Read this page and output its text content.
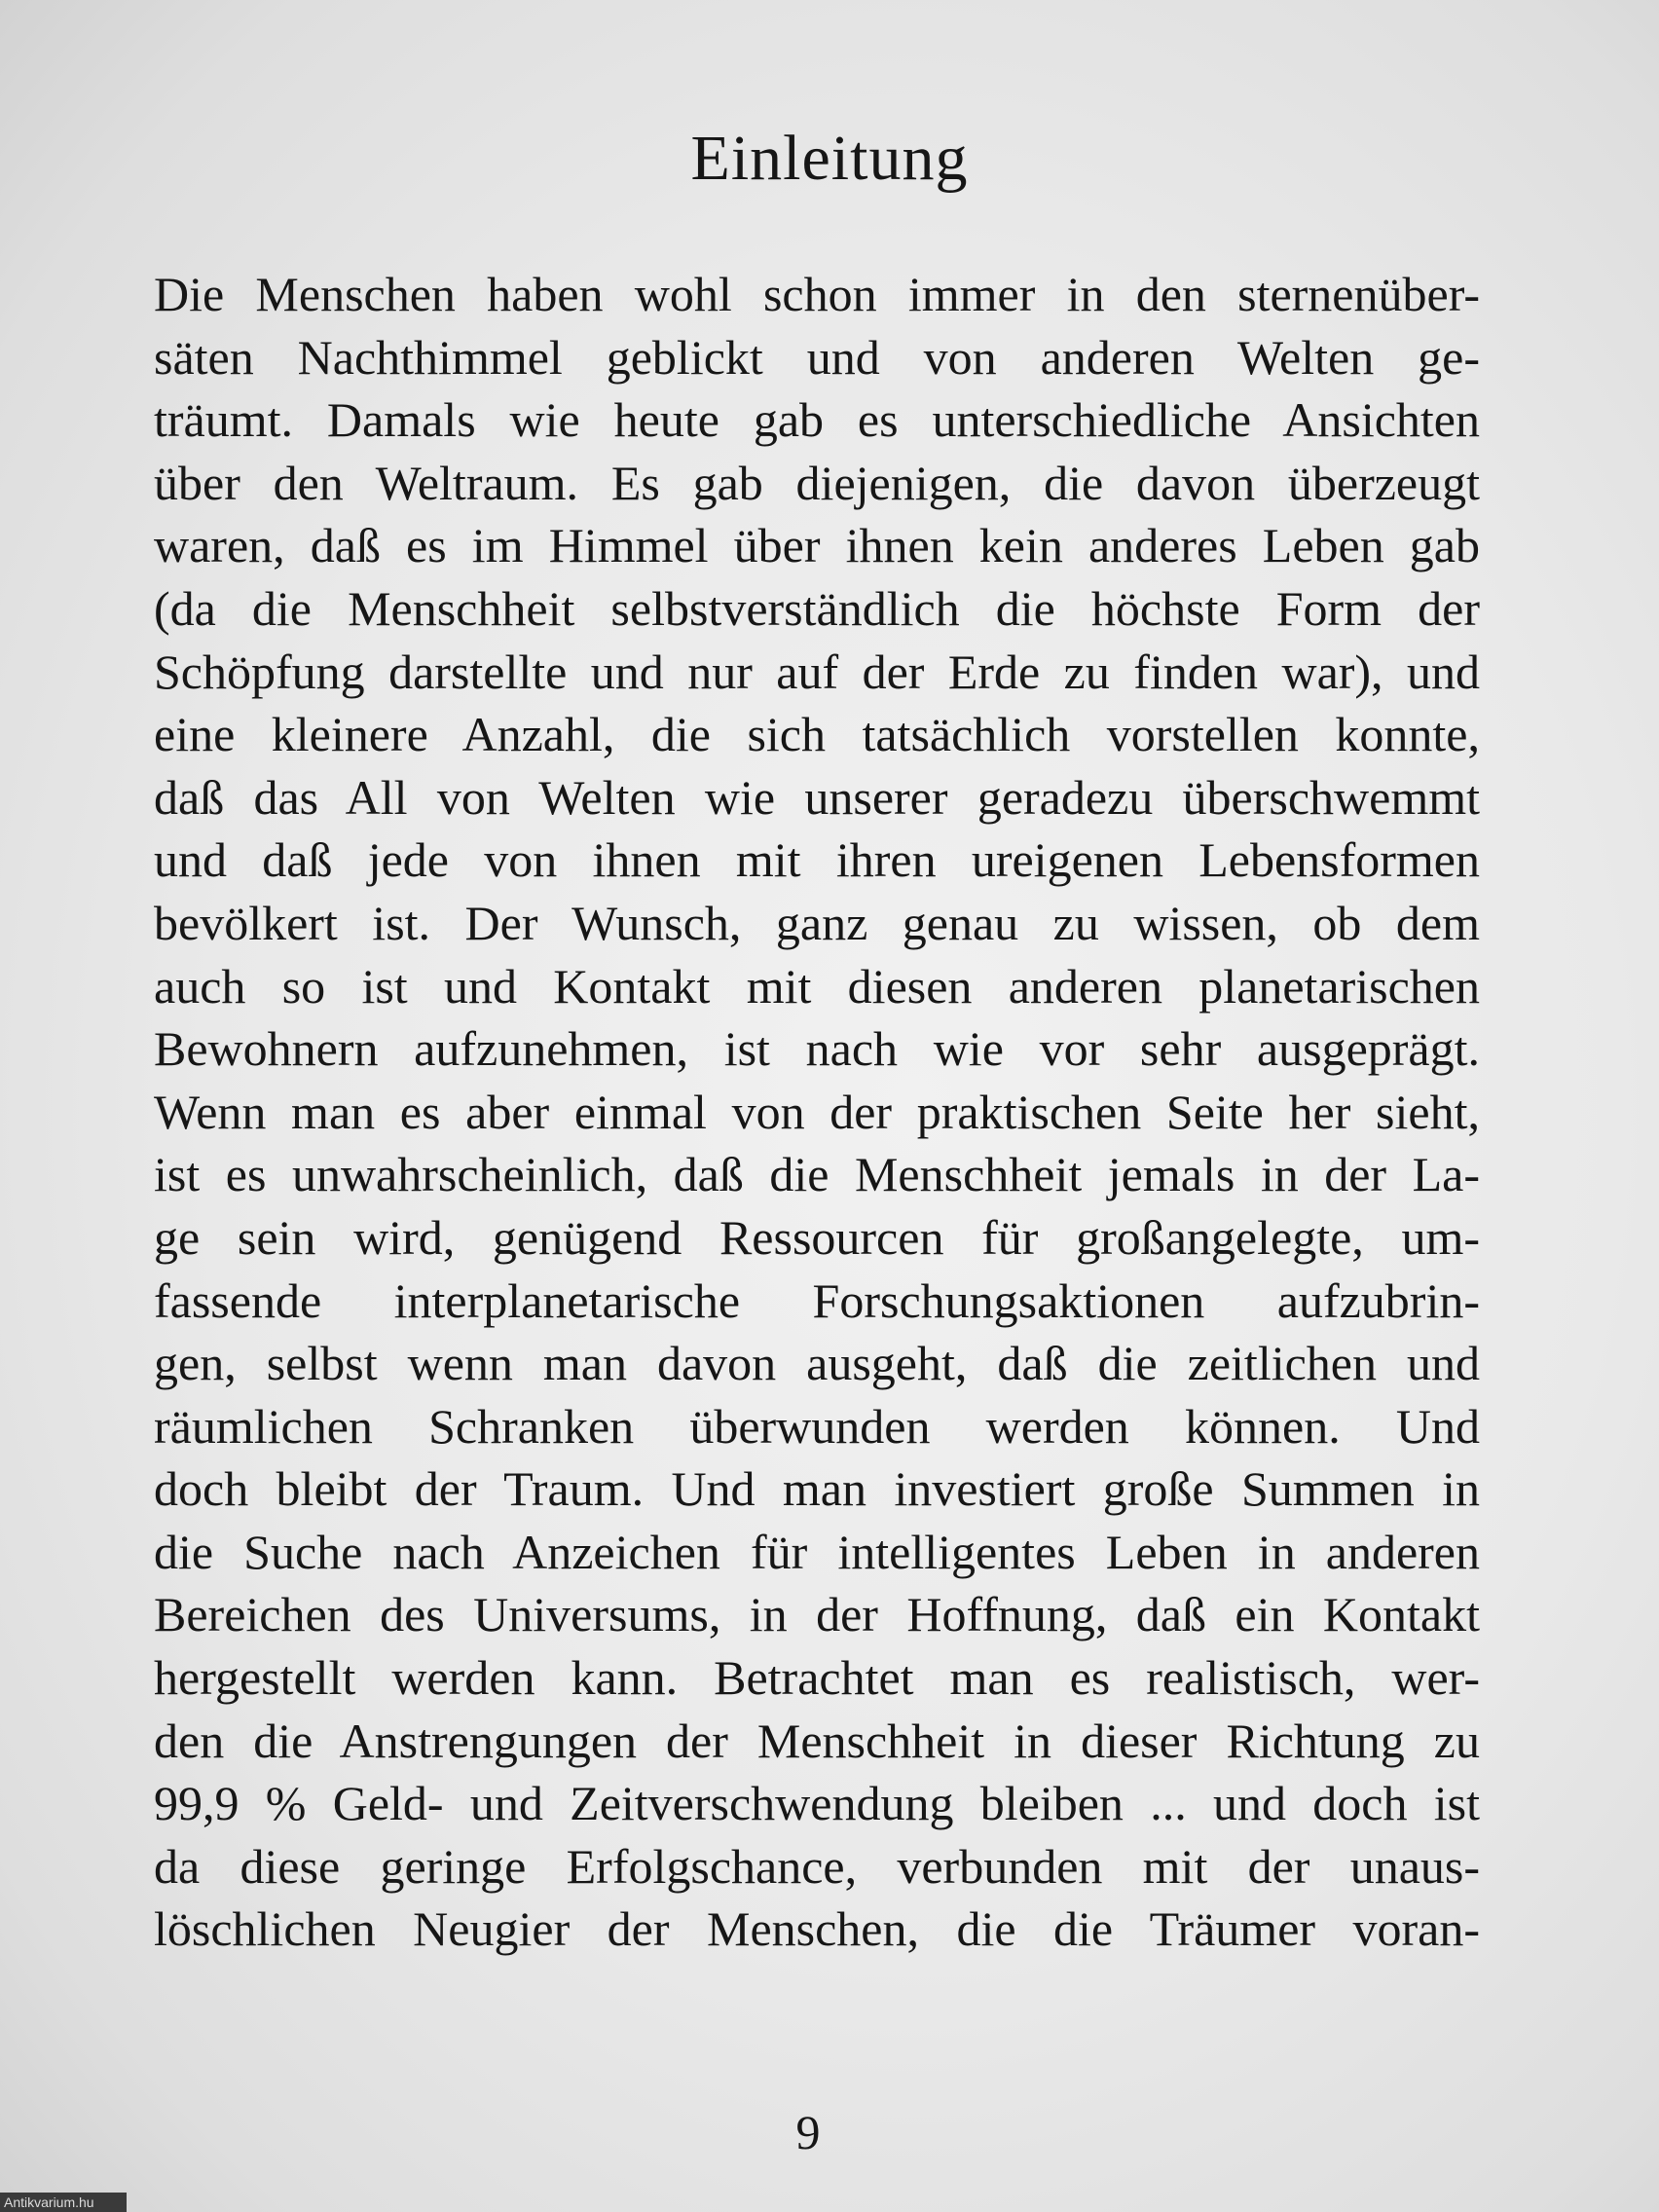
Einleitung
Die Menschen haben wohl schon immer in den sternenüber-
säten Nachthimmel geblickt und von anderen Welten ge-
träumt. Damals wie heute gab es unterschiedliche Ansichten
über den Weltraum. Es gab diejenigen, die davon überzeugt
waren, daß es im Himmel über ihnen kein anderes Leben gab
(da die Menschheit selbstverständlich die höchste Form der
Schöpfung darstellte und nur auf der Erde zu finden war), und
eine kleinere Anzahl, die sich tatsächlich vorstellen konnte,
daß das All von Welten wie unserer geradezu überschwemmt
und daß jede von ihnen mit ihren ureigenen Lebensformen
bevölkert ist. Der Wunsch, ganz genau zu wissen, ob dem
auch so ist und Kontakt mit diesen anderen planetarischen
Bewohnern aufzunehmen, ist nach wie vor sehr ausgeprägt.
Wenn man es aber einmal von der praktischen Seite her sieht,
ist es unwahrscheinlich, daß die Menschheit jemals in der La-
ge sein wird, genügend Ressourcen für großangelegte, um-
fassende interplanetarische Forschungsaktionen aufzubrin-
gen, selbst wenn man davon ausgeht, daß die zeitlichen und
räumlichen Schranken überwunden werden können. Und
doch bleibt der Traum. Und man investiert große Summen in
die Suche nach Anzeichen für intelligentes Leben in anderen
Bereichen des Universums, in der Hoffnung, daß ein Kontakt
hergestellt werden kann. Betrachtet man es realistisch, wer-
den die Anstrengungen der Menschheit in dieser Richtung zu
99,9 % Geld- und Zeitverschwendung bleiben ... und doch ist
da diese geringe Erfolgschance, verbunden mit der unaus-
löschlichen Neugier der Menschen, die die Träumer voran-
9
Antikvarium.hu
